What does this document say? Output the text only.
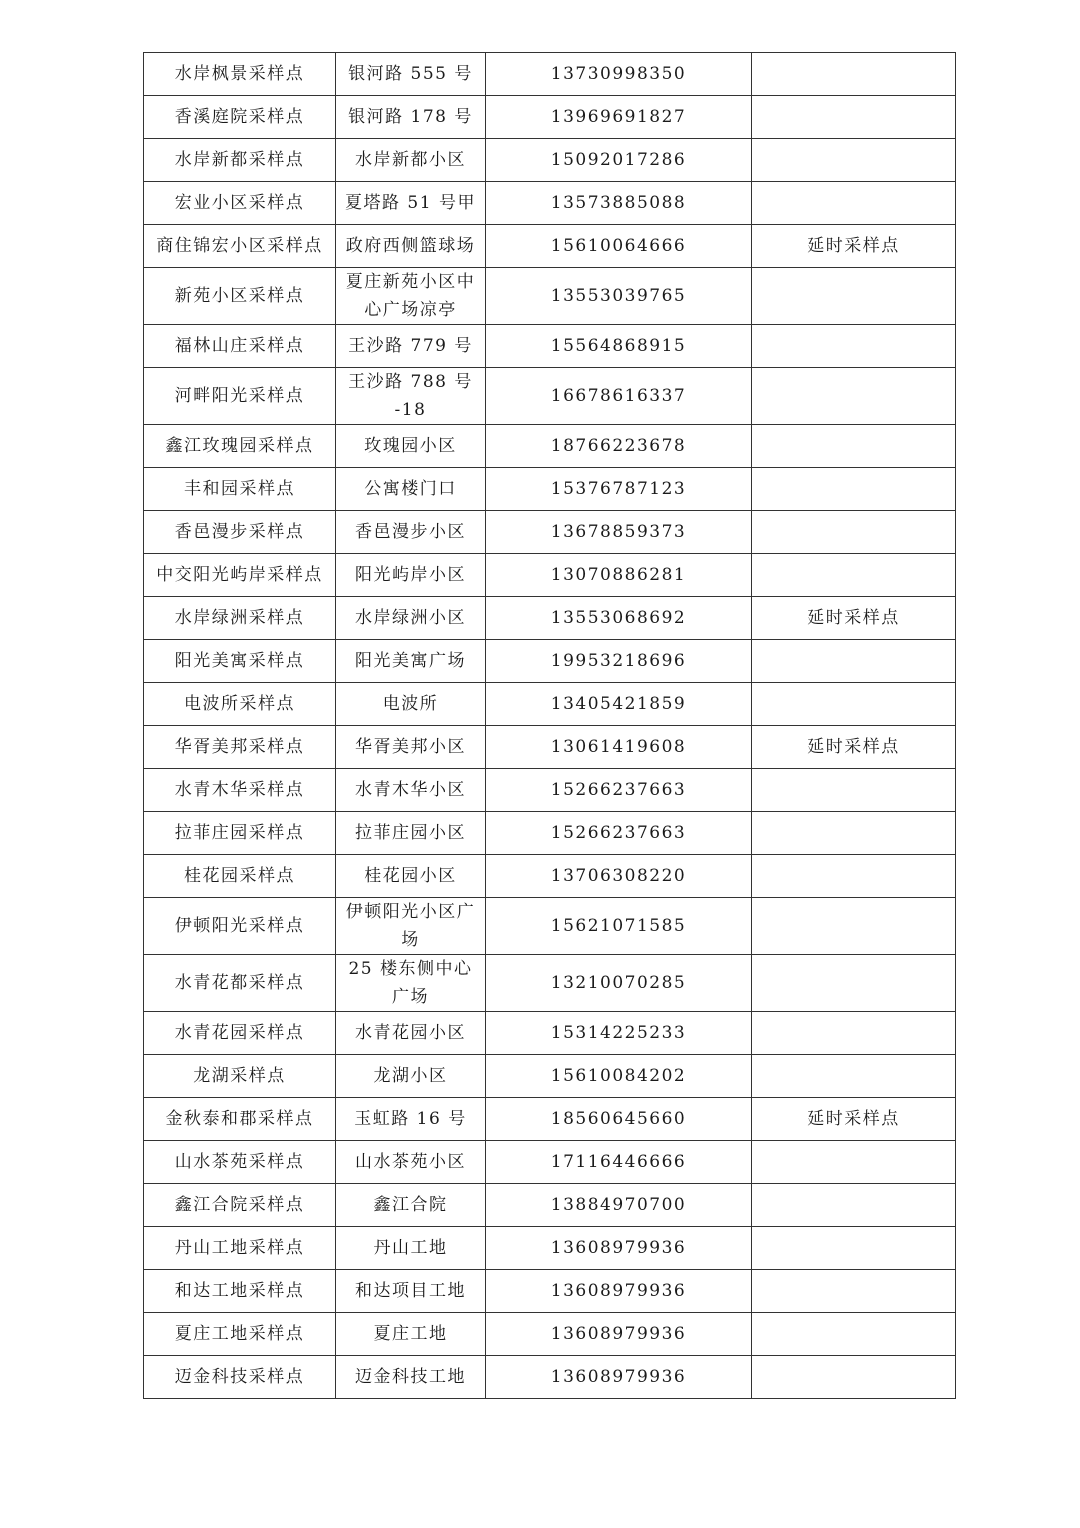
水岸枫景采样点	银河路 555 号	13730998350	
香溪庭院采样点	银河路 178 号	13969691827	
水岸新都采样点	水岸新都小区	15092017286	
宏业小区采样点	夏塔路 51 号甲	13573885088	
商住锦宏小区采样点	政府西侧篮球场	15610064666	延时采样点
新苑小区采样点	夏庄新苑小区中心广场凉亭	13553039765	
福林山庄采样点	王沙路 779 号	15564868915	
河畔阳光采样点	王沙路 788 号 -18	16678616337	
鑫江玫瑰园采样点	玫瑰园小区	18766223678	
丰和园采样点	公寓楼门口	15376787123	
香邑漫步采样点	香邑漫步小区	13678859373	
中交阳光屿岸采样点	阳光屿岸小区	13070886281	
水岸绿洲采样点	水岸绿洲小区	13553068692	延时采样点
阳光美寓采样点	阳光美寓广场	19953218696	
电波所采样点	电波所	13405421859	
华胥美邦采样点	华胥美邦小区	13061419608	延时采样点
水青木华采样点	水青木华小区	15266237663	
拉菲庄园采样点	拉菲庄园小区	15266237663	
桂花园采样点	桂花园小区	13706308220	
伊顿阳光采样点	伊顿阳光小区广场	15621071585	
水青花都采样点	25 楼东侧中心广场	13210070285	
水青花园采样点	水青花园小区	15314225233	
龙湖采样点	龙湖小区	15610084202	
金秋泰和郡采样点	玉虹路 16 号	18560645660	延时采样点
山水茶苑采样点	山水茶苑小区	17116446666	
鑫江合院采样点	鑫江合院	13884970700	
丹山工地采样点	丹山工地	13608979936	
和达工地采样点	和达项目工地	13608979936	
夏庄工地采样点	夏庄工地	13608979936	
迈金科技采样点	迈金科技工地	13608979936	
